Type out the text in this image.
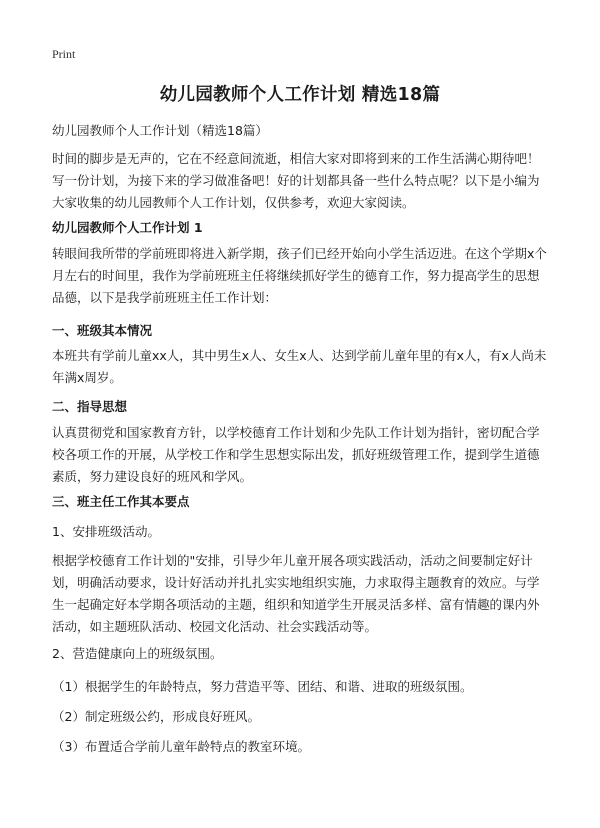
Print
幼儿园教师个人工作计划 精选18篇
幼儿园教师个人工作计划（精选18篇）
时间的脚步是无声的，它在不经意间流逝，相信大家对即将到来的工作生活满心期待吧！写一份计划，为接下来的学习做准备吧！好的计划都具备一些什么特点呢？以下是小编为大家收集的幼儿园教师个人工作计划，仅供参考，欢迎大家阅读。
幼儿园教师个人工作计划 1
转眼间我所带的学前班即将进入新学期，孩子们已经开始向小学生活迈进。在这个学期x个月左右的时间里，我作为学前班班主任将继续抓好学生的德育工作，努力提高学生的思想品德，以下是我学前班班主任工作计划：
一、班级其本情况
本班共有学前儿童xx人，其中男生x人、女生x人、达到学前儿童年里的有x人，有x人尚未年满x周岁。
二、指导思想
认真贯彻党和国家教育方针，以学校德育工作计划和少先队工作计划为指针，密切配合学校各项工作的开展，从学校工作和学生思想实际出发，抓好班级管理工作，提到学生道德素质，努力建设良好的班风和学风。
三、班主任工作其本要点
1、安排班级活动。
根据学校德育工作计划的"安排，引导少年儿童开展各项实践活动，活动之间要制定好计划，明确活动要求，设计好活动并扎扎实实地组织实施，力求取得主题教育的效应。与学生一起确定好本学期各项活动的主题，组织和知道学生开展灵活多样、富有情趣的课内外活动，如主题班队活动、校园文化活动、社会实践活动等。
2、营造健康向上的班级氛围。
（1）根据学生的年龄特点，努力营造平等、团结、和谐、进取的班级氛围。
（2）制定班级公约，形成良好班风。
（3）布置适合学前儿童年龄特点的教室环境。
